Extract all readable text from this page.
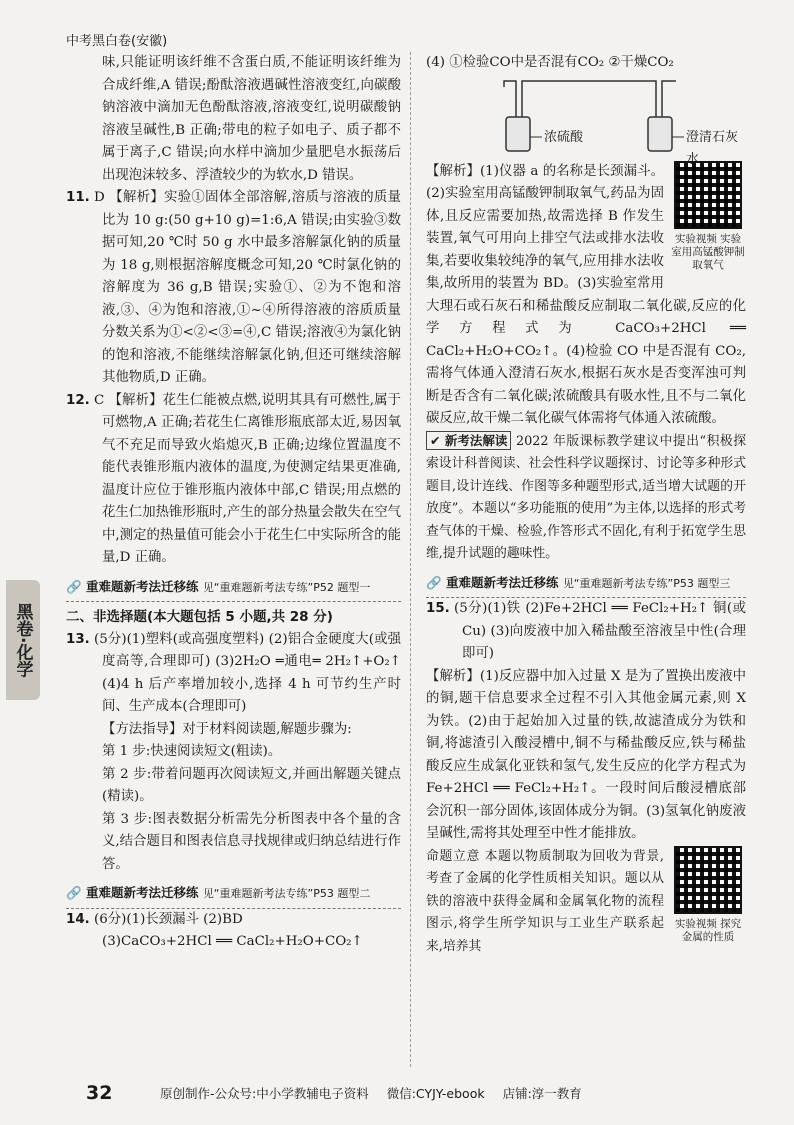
中考黑白卷(安徽)

味,只能证明该纤维不含蛋白质,不能证明该纤维为合成纤维,A 错误;酚酞溶液遇碱性溶液变红,向碳酸钠溶液中滴加无色酚酞溶液,溶液变红,说明碳酸钠溶液呈碱性,B 正确;带电的粒子如电子、质子都不属于离子,C 错误;向水样中滴加少量肥皂水振荡后出现泡沫较多、浮渣较少的为软水,D 错误。

11. D 【解析】实验①固体全部溶解,溶质与溶液的质量比为 10 g:(50 g+10 g)=1:6,A 错误;由实验③数据可知,20 ℃时 50 g 水中最多溶解氯化钠的质量为 18 g,则根据溶解度概念可知,20 ℃时氯化钠的溶解度为 36 g,B 错误;实验①、②为不饱和溶液,③、④为饱和溶液,①~④所得溶液的溶质质量分数关系为①<②<③=④,C 错误;溶液④为氯化钠的饱和溶液,不能继续溶解氯化钠,但还可继续溶解其他物质,D 正确。

12. C 【解析】花生仁能被点燃,说明其具有可燃性,属于可燃物,A 正确;若花生仁离锥形瓶底部太近,易因氧气不充足而导致火焰熄灭,B 正确;边缘位置温度不能代表锥形瓶内液体的温度,为使测定结果更准确,温度计应位于锥形瓶内液体中部,C 错误;用点燃的花生仁加热锥形瓶时,产生的部分热量会散失在空气中,测定的热量值可能会小于花生仁中实际所含的能量,D 正确。

🔗 重难题新考法迁移练 见“重难题新考法专练”P52 题型一
二、非选择题(本大题包括 5 小题,共 28 分)

13. (5分)(1)塑料(或高强度塑料) (2)铝合金硬度大(或强度高等,合理即可) (3)2H₂O ═通电═ 2H₂↑+O₂↑ (4)4 h 后产率增加较小,选择 4 h 可节约生产时间、生产成本(合理即可)

【方法指导】对于材料阅读题,解题步骤为:

第 1 步:快速阅读短文(粗读)。

第 2 步:带着问题再次阅读短文,并画出解题关键点(精读)。

第 3 步:图表数据分析需先分析图表中各个量的含义,结合题目和图表信息寻找规律或归纳总结进行作答。

🔗 重难题新考法迁移练 见“重难题新考法专练”P53 题型二

14. (6分)(1)长颈漏斗 (2)BD

(3)CaCO₃+2HCl ══ CaCl₂+H₂O+CO₂↑

(4) ①检验CO中是否混有CO₂ ②干燥CO₂

浓硫酸	澄清石灰水
实验视频 实验室用高锰酸钾制取氧气

【解析】(1)仪器 a 的名称是长颈漏斗。(2)实验室用高锰酸钾制取氧气,药品为固体,且反应需要加热,故需选择 B 作发生装置,氧气可用向上排空气法或排水法收集,若要收集较纯净的氧气,应用排水法收集,故所用的装置为 BD。(3)实验室常用大理石或石灰石和稀盐酸反应制取二氧化碳,反应的化学方程式为 CaCO₃+2HCl ══ CaCl₂+H₂O+CO₂↑。(4)检验 CO 中是否混有 CO₂,需将气体通入澄清石灰水,根据石灰水是否变浑浊可判断是否含有二氧化碳;浓硫酸具有吸水性,且不与二氧化碳反应,故干燥二氧化碳气体需将气体通入浓硫酸。

✔ 新考法解读 2022 年版课标教学建议中提出“积极探索设计科普阅读、社会性科学议题探讨、讨论等多种形式题目,设计连线、作图等多种题型形式,适当增大试题的开放度”。本题以“多功能瓶的使用”为主体,以选择的形式考查气体的干燥、检验,作答形式不固化,有利于拓宽学生思维,提升试题的趣味性。

🔗 重难题新考法迁移练 见“重难题新考法专练”P53 题型三

15. (5分)(1)铁 (2)Fe+2HCl ══ FeCl₂+H₂↑ 铜(或 Cu) (3)向废液中加入稀盐酸至溶液呈中性(合理即可)

【解析】(1)反应器中加入过量 X 是为了置换出废液中的铜,题干信息要求全过程不引入其他金属元素,则 X 为铁。(2)由于起始加入过量的铁,故滤渣成分为铁和铜,将滤渣引入酸浸槽中,铜不与稀盐酸反应,铁与稀盐酸反应生成氯化亚铁和氢气,发生反应的化学方程式为 Fe+2HCl ══ FeCl₂+H₂↑。一段时间后酸浸槽底部会沉积一部分固体,该固体成分为铜。(3)氢氧化钠废液呈碱性,需将其处理至中性才能排放。

实验视频 探究金属的性质

命题立意 本题以物质制取为回收为背景,考查了金属的化学性质相关知识。题以从铁的溶液中获得金属和金属氧化物的流程图示,将学生所学知识与工业生产联系起来,培养其

黑卷·化学
32	原创制作-公众号:中小学教辅电子资料 微信:CYJY-ebook 店铺:淳一教育
